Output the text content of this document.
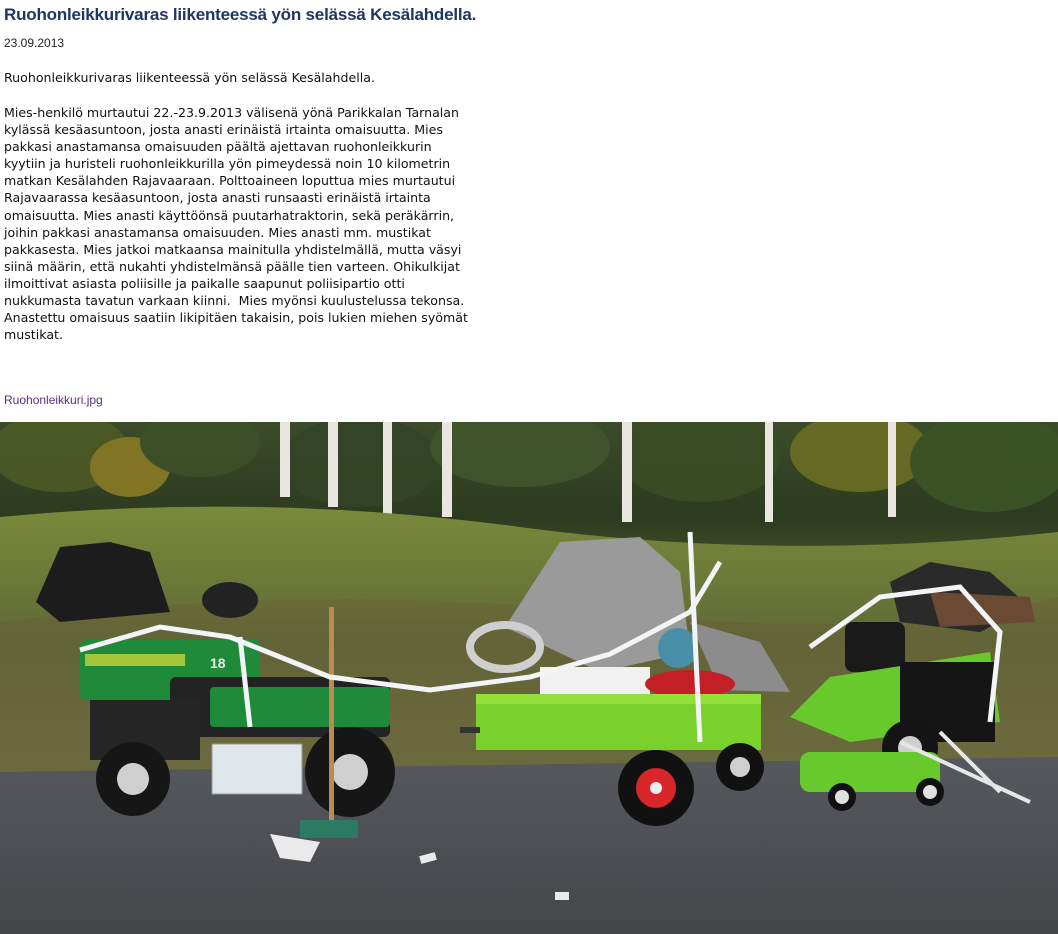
Ruohonleikkurivaras liikenteessä yön selässä Kesälahdella.
23.09.2013
Ruohonleikkurivaras liikenteessä yön selässä Kesälahdella.
Mies-henkilö murtautui 22.-23.9.2013 välisenä yönä Parikkalan Tarnalan
kylässä kesäasuntoon, josta anasti erinäistä irtainta omaisuutta. Mies
pakkasi anastamansa omaisuuden päältä ajettavan ruohonleikkurin
kyytiin ja huristeli ruohonleikkurilla yön pimeydessä noin 10 kilometrin
matkan Kesälahden Rajavaaraan. Polttoaineen loputtua mies murtautui
Rajavaarassa kesäasuntoon, josta anasti runsaasti erinäistä irtainta
omaisuutta. Mies anasti käyttöönsä puutarhatraktorin, sekä peräkärrin,
joihin pakkasi anastamansa omaisuuden. Mies anasti mm. mustikat
pakkasesta. Mies jatkoi matkaansa mainitulla yhdistelmällä, mutta väsyi
siinä määrin, että nukahti yhdistelmänsä päälle tien varteen. Ohikulkijat
ilmoittivat asiasta poliisille ja paikalle saapunut poliisipartio otti
nukkumasta tavatun varkaan kiinni.  Mies myönsi kuulustelussa tekonsa.
Anastettu omaisuus saatiin likipitäen takaisin, pois lukien miehen syömät
mustikat.
Ruohonleikkuri.jpg
18
